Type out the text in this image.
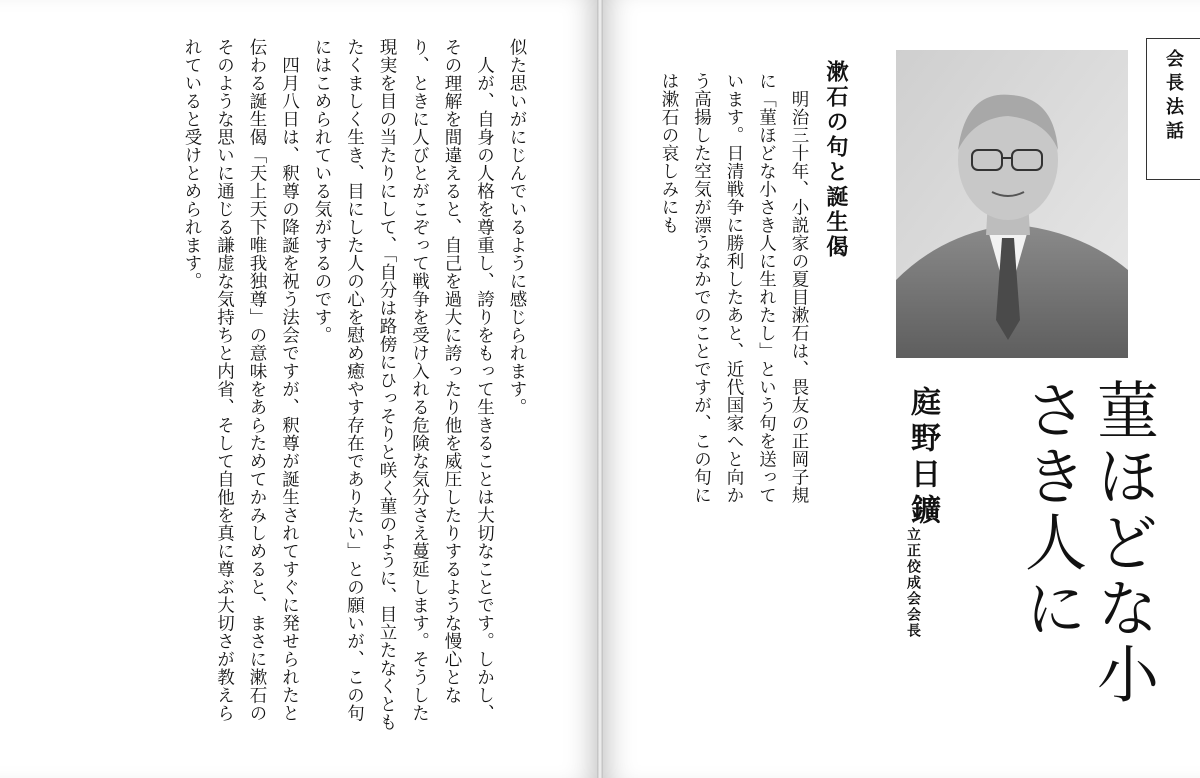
似た思いがにじんでいるように感じられます。

人が、自身の人格を尊重し、誇りをもって生きることは大切なことです。しかし、その理解を間違えると、自己を過大に誇ったり他を威圧したりするような慢心となり、ときに人びとがこぞって戦争を受け入れる危険な気分さえ蔓延します。そうした現実を目の当たりにして、「自分は路傍にひっそりと咲く菫のように、目立たなくともたくましく生き、目にした人の心を慰め癒やす存在でありたい」との願いが、この句にはこめられている気がするのです。

四月八日は、釈尊の降誕を祝う法会ですが、釈尊が誕生されてすぐに発せられたと伝わる誕生偈「天上天下唯我独尊」の意味をあらためてかみしめると、まさに漱石のそのような思いに通じる謙虚な気持ちと内省、そして自他を真に尊ぶ大切さが教えられていると受けとめられます。	会長法話
漱石の句と誕生偈

明治三十年、小説家の夏目漱石は、畏友の正岡子規に「菫ほどな小さき人に生れたし」という句を送っています。日清戦争に勝利したあと、近代国家へと向かう高揚した空気が漂うなかでのことですが、この句には漱石の哀しみにも

菫ほどな小さき人に
庭野日鑛
立正佼成会会長
